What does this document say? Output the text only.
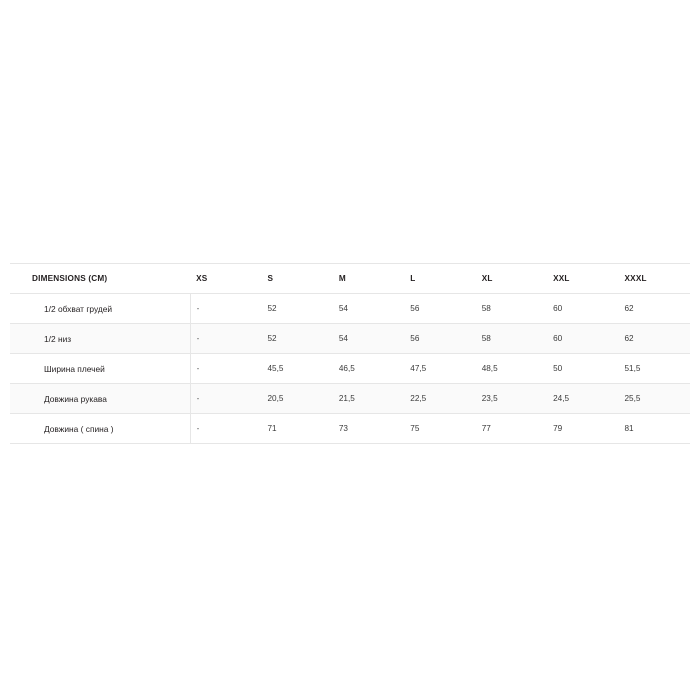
DIMENSIONS (CM)	XS	S	M	L	XL	XXL	XXXL
1/2 обхват грудей	-	52	54	56	58	60	62
1/2 низ	-	52	54	56	58	60	62
Ширина плечей	-	45,5	46,5	47,5	48,5	50	51,5
Довжина рукава	-	20,5	21,5	22,5	23,5	24,5	25,5
Довжина ( спина )	-	71	73	75	77	79	81
